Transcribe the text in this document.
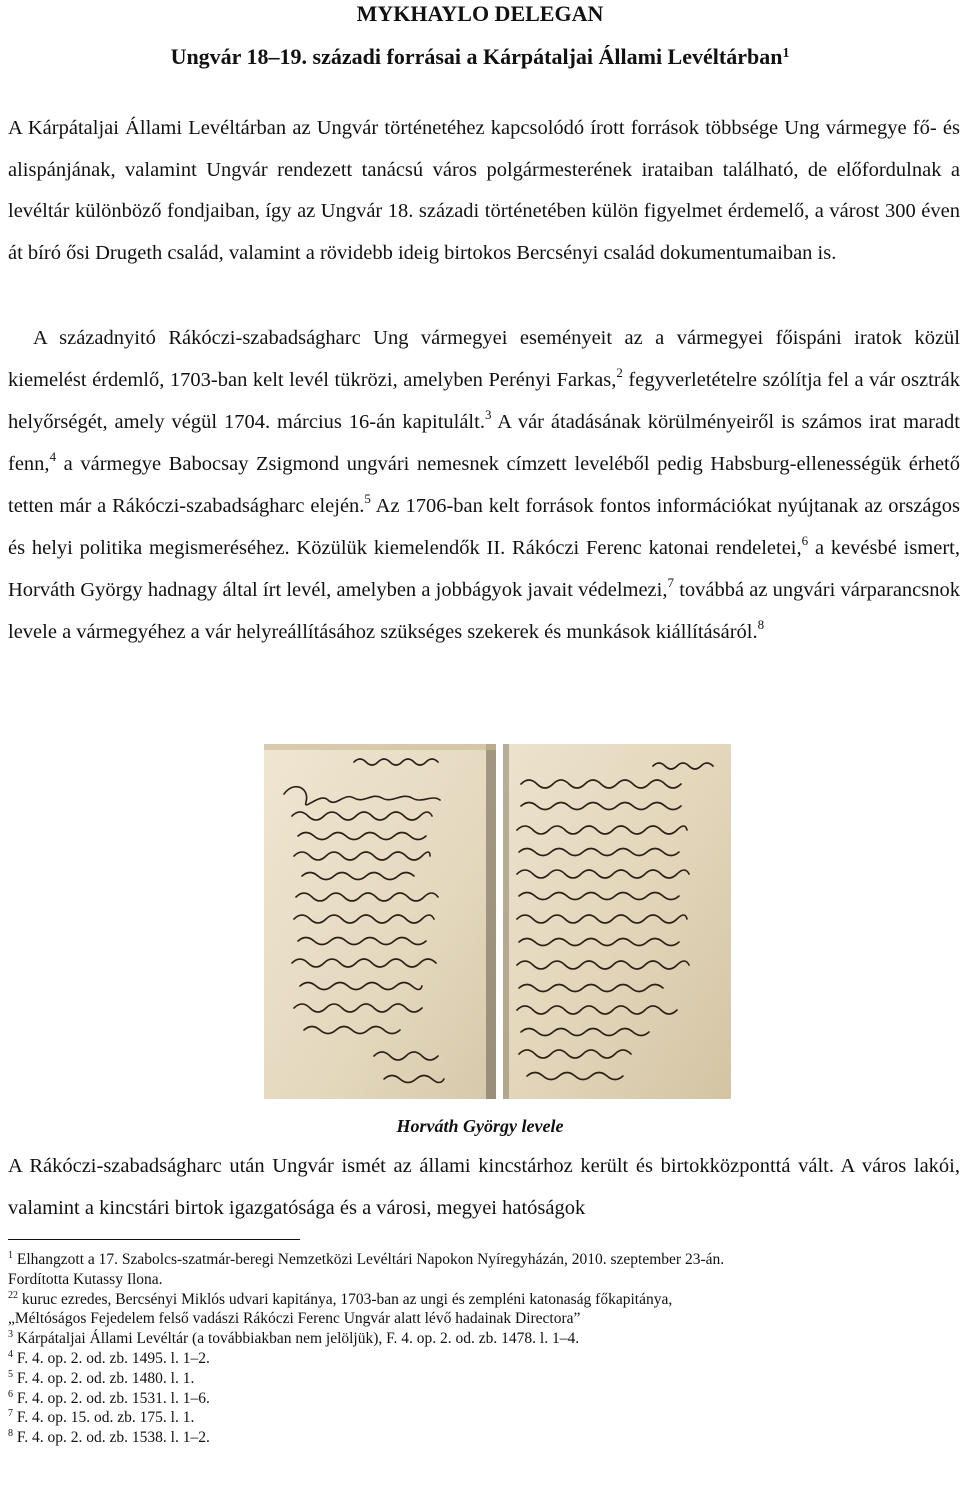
MYKHAYLO DELEGAN
Ungvár 18–19. századi forrásai a Kárpátaljai Állami Levéltárban$^1$

A Kárpátaljai Állami Levéltárban az Ungvár történetéhez kapcsolódó írott források többsége Ung vármegye fő- és alispánjának, valamint Ungvár rendezett tanácsú város polgármesterének irataiban található, de előfordulnak a levéltár különböző fondjaiban, így az Ungvár 18. századi történetében külön figyelmet érdemelő, a várost 300 éven át bíró ősi Drugeth család, valamint a rövidebb ideig birtokos Bercsényi család dokumentumaiban is.

A századnyitó Rákóczi-szabadságharc Ung vármegyei eseményeit az a vármegyei főispáni iratok közül kiemelést érdemlő, 1703-ban kelt levél tükrözi, amelyben Perényi Farkas,$^2$ fegyverletételre szólítja fel a vár osztrák helyőrségét, amely végül 1704. március 16-án kapitulált.$^3$ A vár átadásának körülményeiről is számos irat maradt fenn,$^4$ a vármegye Babocsay Zsigmond ungvári nemesnek címzett leveléből pedig Habsburg-ellenességük érhető tetten már a Rákóczi-szabadságharc elején.$^5$ Az 1706-ban kelt források fontos információkat nyújtanak az országos és helyi politika megismeréséhez. Közülük kiemelendők II. Rákóczi Ferenc katonai rendeletei,$^6$ a kevésbé ismert, Horváth György hadnagy által írt levél, amelyben a jobbágyok javait védelmezi,$^7$ továbbá az ungvári várparancsnok levele a vármegyéhez a vár helyreállításához szükséges szekerek és munkások kiállításáról.$^8$

Horváth György levele

A Rákóczi-szabadságharc után Ungvár ismét az állami kincstárhoz került és birtokközponttá vált. A város lakói, valamint a kincstári birtok igazgatósága és a városi, megyei hatóságok

$^1$ Elhangzott a 17. Szabolcs-szatmár-beregi Nemzetközi Levéltári Napokon Nyíregyházán, 2010. szeptember 23-án.

Fordította Kutassy Ilona.

$^{22}$ kuruc ezredes, Bercsényi Miklós udvari kapitánya, 1703-ban az ungi és zempléni katonaság főkapitánya,

„Méltóságos Fejedelem felső vadászi Rákóczi Ferenc Ungvár alatt lévő hadainak Directora”

$^3$ Kárpátaljai Állami Levéltár (a továbbiakban nem jelöljük), F. 4. op. 2. od. zb. 1478. l. 1–4.

$^4$ F. 4. op. 2. od. zb. 1495. l. 1–2.

$^5$ F. 4. op. 2. od. zb. 1480. l. 1.

$^6$ F. 4. op. 2. od. zb. 1531. l. 1–6.

$^7$ F. 4. op. 15. od. zb. 175. l. 1.

$^8$ F. 4. op. 2. od. zb. 1538. l. 1–2.
